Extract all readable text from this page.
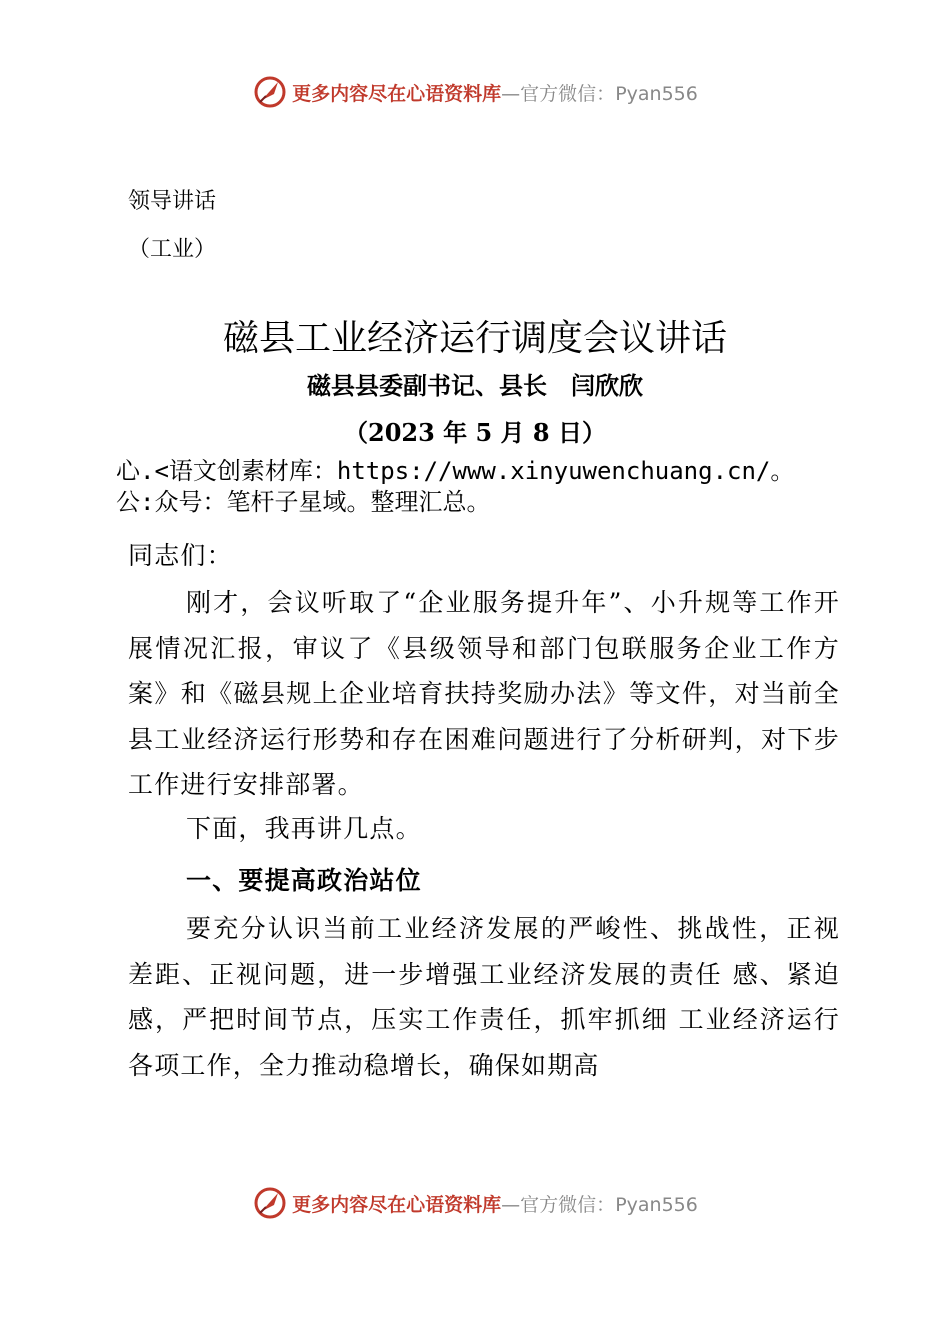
更多内容尽在心语资料库—官方微信：Pyan556
领导讲话
（工业）
磁县工业经济运行调度会议讲话
磁县县委副书记、县长　闫欣欣
（2023 年 5 月 8 日）
心.<语文创素材库：https://www.xinyuwenchuang.cn/。
公:众号：笔杆子星域。整理汇总。
同志们：
刚才，会议听取了“企业服务提升年”、小升规等工作开展情况汇报，审议了《县级领导和部门包联服务企业工作方案》和《磁县规上企业培育扶持奖励办法》等文件，对当前全县工业经济运行形势和存在困难问题进行了分析研判，对下步工作进行安排部署。
下面，我再讲几点。
一、要提高政治站位
要充分认识当前工业经济发展的严峻性、挑战性，正视差距、正视问题，进一步增强工业经济发展的责任 感、紧迫感，严把时间节点，压实工作责任，抓牢抓细 工业经济运行各项工作，全力推动稳增长，确保如期高
更多内容尽在心语资料库—官方微信：Pyan556
